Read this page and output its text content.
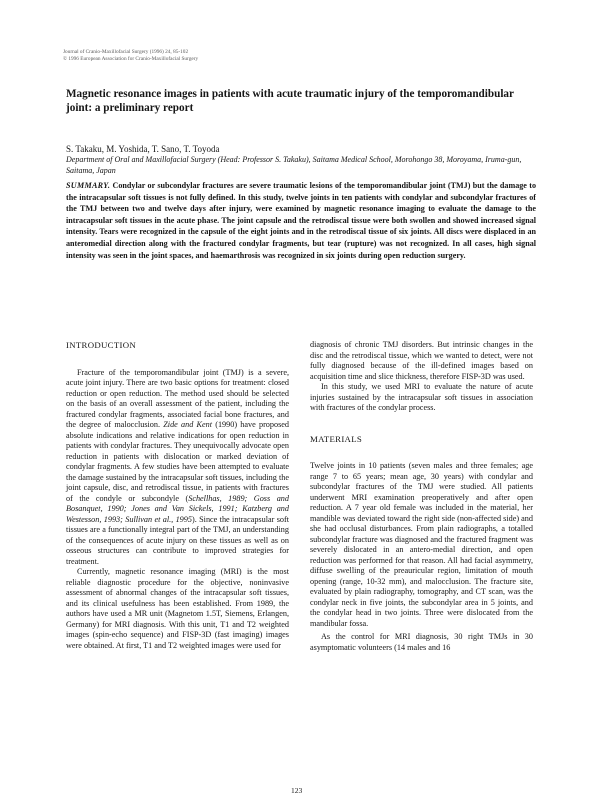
Journal of Cranio-Maxillofacial Surgery (1996) 24, 85-102
© 1996 European Association for Cranio-Maxillofacial Surgery
Magnetic resonance images in patients with acute traumatic injury of the temporomandibular joint: a preliminary report
S. Takaku, M. Yoshida, T. Sano, T. Toyoda
Department of Oral and Maxillofacial Surgery (Head: Professor S. Takaku), Saitama Medical School, Morohongo 38, Moroyama, Iruma-gun, Saitama, Japan

SUMMARY. Condylar or subcondylar fractures are severe traumatic lesions of the temporomandibular joint (TMJ) but the damage to the intracapsular soft tissues is not fully defined. In this study, twelve joints in ten patients with condylar and subcondylar fractures of the TMJ between two and twelve days after injury, were examined by magnetic resonance imaging to evaluate the damage to the intracapsular soft tissues in the acute phase. The joint capsule and the retrodiscal tissue were both swollen and showed increased signal intensity. Tears were recognized in the capsule of the eight joints and in the retrodiscal tissue of six joints. All discs were displaced in an anteromedial direction along with the fractured condylar fragments, but tear (rupture) was not recognized. In all cases, high signal intensity was seen in the joint spaces, and haemarthrosis was recognized in six joints during open reduction surgery.

INTRODUCTION

Fracture of the temporomandibular joint (TMJ) is a severe, acute joint injury. There are two basic options for treatment: closed reduction or open reduction. The method used should be selected on the basis of an overall assessment of the patient, including the fractured condylar fragments, associated facial bone fractures, and the degree of malocclusion. Zide and Kent (1990) have proposed absolute indications and relative indications for open reduction in patients with condylar fractures. They unequivocally advocate open reduction in patients with dislocation or marked deviation of condylar fragments. A few studies have been attempted to evaluate the damage sustained by the intracapsular soft tissues, including the joint capsule, disc, and retrodiscal tissue, in patients with fractures of the condyle or subcondyle (Schellhas, 1989; Goss and Bosanquet, 1990; Jones and Van Sickels, 1991; Katzberg and Westesson, 1993; Sullivan et al., 1995). Since the intracapsular soft tissues are a functionally integral part of the TMJ, an understanding of the consequences of acute injury on these tissues as well as on osseous structures can contribute to improved strategies for treatment.

Currently, magnetic resonance imaging (MRI) is the most reliable diagnostic procedure for the objective, noninvasive assessment of abnormal changes of the intracapsular soft tissues, and its clinical usefulness has been established. From 1989, the authors have used a MR unit (Magnetom 1.5T, Siemens, Erlangen, Germany) for MRI diagnosis. With this unit, T1 and T2 weighted images (spin-echo sequence) and FISP-3D (fast imaging) images were obtained. At first, T1 and T2 weighted images were used for

diagnosis of chronic TMJ disorders. But intrinsic changes in the disc and the retrodiscal tissue, which we wanted to detect, were not fully diagnosed because of the ill-defined images based on acquisition time and slice thickness, therefore FISP-3D was used.

In this study, we used MRI to evaluate the nature of acute injuries sustained by the intracapsular soft tissues in association with fractures of the condylar process.

MATERIALS

Twelve joints in 10 patients (seven males and three females; age range 7 to 65 years; mean age, 30 years) with condylar and subcondylar fractures of the TMJ were studied. All patients underwent MRI examination preoperatively and after open reduction. A 7 year old female was included in the material, her mandible was deviated toward the right side (non-affected side) and she had occlusal disturbances. From plain radiographs, a totalled subcondylar fracture was diagnosed and the fractured fragment was severely dislocated in an antero-medial direction, and open reduction was performed for that reason. All had facial asymmetry, diffuse swelling of the preauricular region, limitation of mouth opening (range, 10-32 mm), and malocclusion. The fracture site, evaluated by plain radiography, tomography, and CT scan, was the condylar neck in five joints, the subcondylar area in 5 joints, and the condylar head in two joints. Three were dislocated from the mandibular fossa.

As the control for MRI diagnosis, 30 right TMJs in 30 asymptomatic volunteers (14 males and 16

123
